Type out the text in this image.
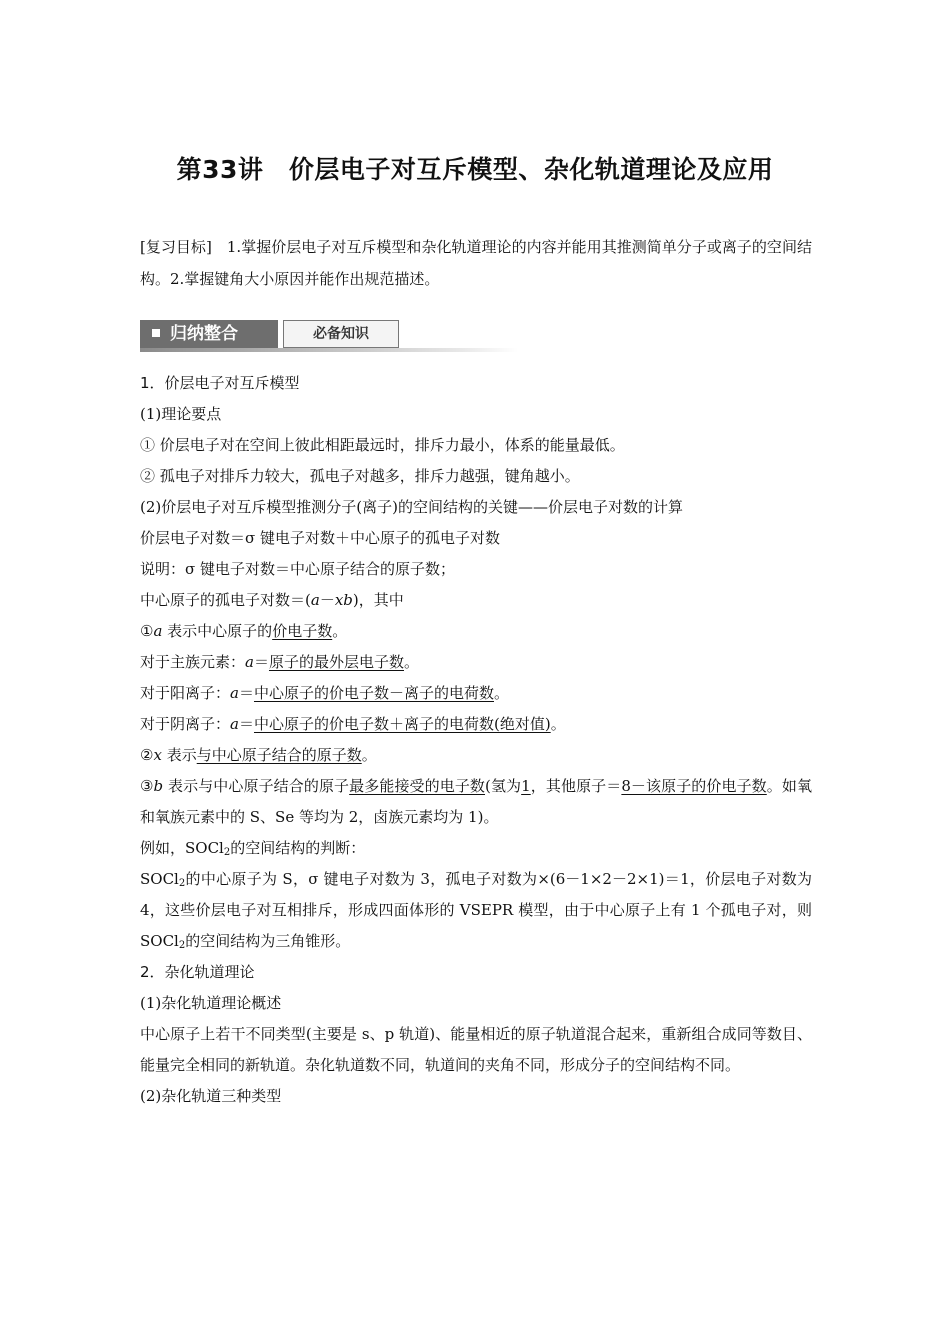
第33讲　价层电子对互斥模型、杂化轨道理论及应用

[复习目标]　 1.掌握价层电子对互斥模型和杂化轨道理论的内容并能用其推测简单分子或离子的空间结构。2.掌握键角大小原因并能作出规范描述。

归纳整合	必备知识

1．价层电子对互斥模型

(1)理论要点

① 价层电子对在空间上彼此相距最远时，排斥力最小，体系的能量最低。

② 孤电子对排斥力较大，孤电子对越多，排斥力越强，键角越小。

(2)价层电子对互斥模型推测分子(离子)的空间结构的关键——价层电子对数的计算

价层电子对数＝σ 键电子对数＋中心原子的孤电子对数

说明：σ 键电子对数＝中心原子结合的原子数；

中心原子的孤电子对数＝(a－xb)，其中

①a 表示中心原子的价电子数。

对于主族元素：a＝原子的最外层电子数。

对于阳离子：a＝中心原子的价电子数－离子的电荷数。

对于阴离子：a＝中心原子的价电子数＋离子的电荷数(绝对值)。

②x 表示与中心原子结合的原子数。

③b 表示与中心原子结合的原子最多能接受的电子数(氢为1，其他原子＝8－该原子的价电子数。如氧和氧族元素中的 S、Se 等均为 2，卤族元素均为 1)。

例如，SOCl$_2$的空间结构的判断：

SOCl$_2$的中心原子为 S，σ 键电子对数为 3，孤电子对数为×(6－1×2－2×1)＝1，价层电子对数为 4，这些价层电子对互相排斥，形成四面体形的 VSEPR 模型，由于中心原子上有 1 个孤电子对，则 SOCl$_2$的空间结构为三角锥形。

2．杂化轨道理论

(1)杂化轨道理论概述

中心原子上若干不同类型(主要是 s、p 轨道)、能量相近的原子轨道混合起来，重新组合成同等数目、能量完全相同的新轨道。杂化轨道数不同，轨道间的夹角不同，形成分子的空间结构不同。

(2)杂化轨道三种类型
